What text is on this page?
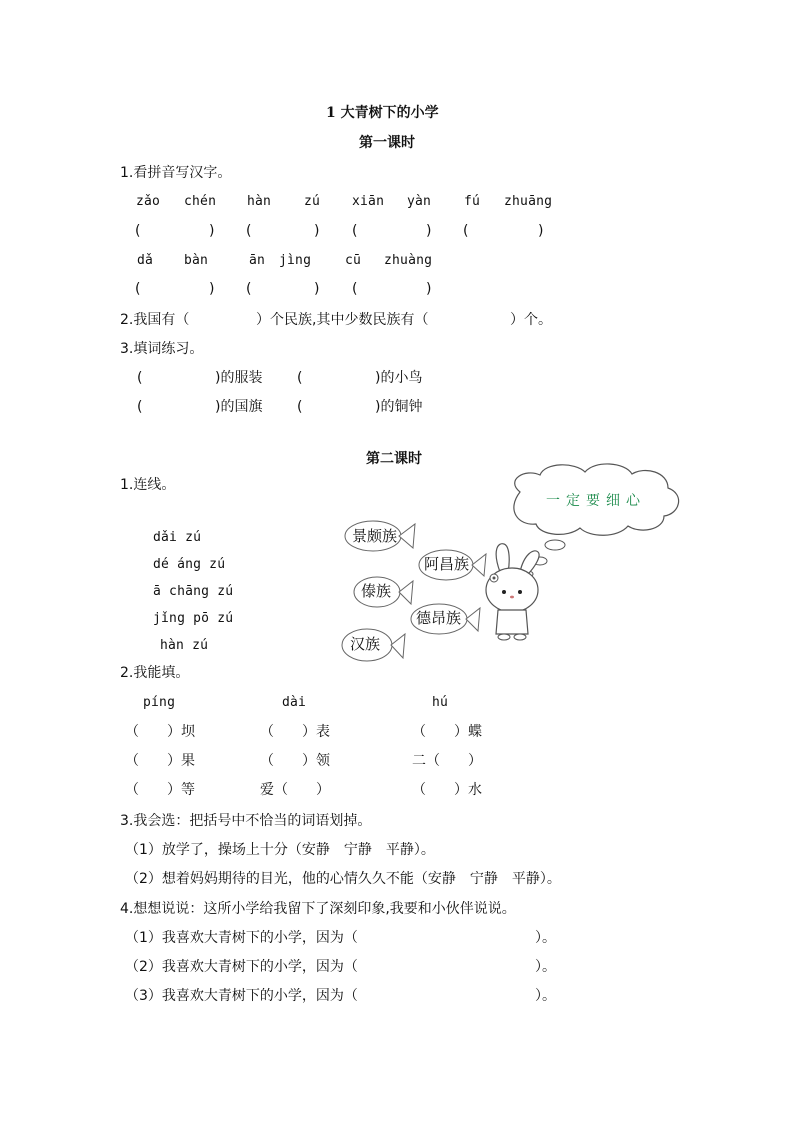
1 大青树下的小学
第一课时
1.看拼音写汉字。
zǎo chén hàn	zú xiān yàn	fú zhuāng
(	) (	) (	) (	)
dǎ bàn	ān jìng	cū zhuàng
(	) (	) (	)
2.我国有（	）个民族,其中少数民族有（	）个。
3.填词练习。
(	)的服装 (	)的小鸟
(	)的国旗 (	)的铜钟
第二课时
1.连线。
dǎi zú
dé áng zú
ā chāng zú
jǐng pō zú
hàn zú
景颇族
阿昌族
傣族
德昂族
汉族
一定要细心
2.我能填。
píng	dài	hú
（　　）坝	（　　）表	（　　）蝶
（　　）果	（　　）领	二（　　）
（　　）等	爱（　　）	（　　）水
3.我会选：把括号中不恰当的词语划掉。
（1）放学了，操场上十分（安静　宁静　平静）。
（2）想着妈妈期待的目光，他的心情久久不能（安静　宁静　平静）。
4.想想说说：这所小学给我留下了深刻印象,我要和小伙伴说说。
（1）我喜欢大青树下的小学，因为（	）。
（2）我喜欢大青树下的小学，因为（	）。
（3）我喜欢大青树下的小学，因为（	）。
